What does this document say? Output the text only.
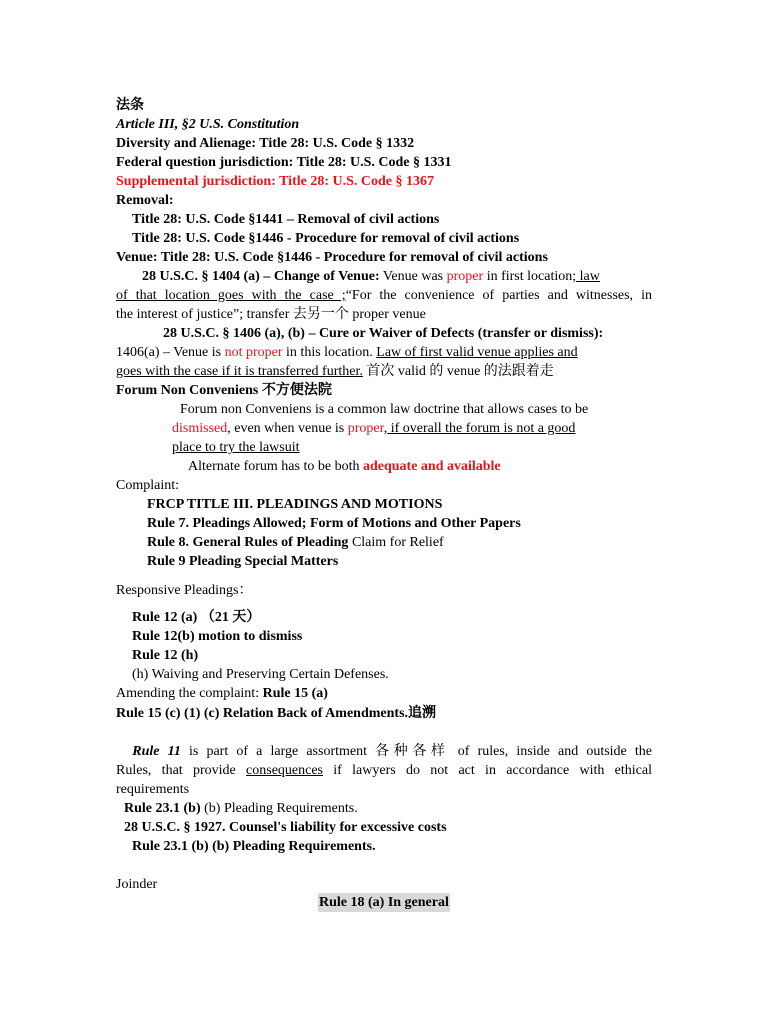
法条
Article III, §2 U.S. Constitution
Diversity and Alienage: Title 28: U.S. Code § 1332
Federal question jurisdiction: Title 28: U.S. Code § 1331
Supplemental jurisdiction: Title 28: U.S. Code § 1367
Removal:
Title 28: U.S. Code §1441 – Removal of civil actions
Title 28: U.S. Code §1446 - Procedure for removal of civil actions
Venue: Title 28: U.S. Code §1446 - Procedure for removal of civil actions
28 U.S.C. § 1404 (a) – Change of Venue: Venue was proper in first location; law
of that location goes with the case ;“For the convenience of parties and witnesses, in
the interest of justice”; transfer 去另一个 proper venue
28 U.S.C. § 1406 (a), (b) – Cure or Waiver of Defects (transfer or dismiss):
1406(a) – Venue is not proper in this location. Law of first valid venue applies and
goes with the case if it is transferred further. 首次 valid 的 venue 的法跟着走
Forum Non Conveniens 不方便法院
Forum non Conveniens is a common law doctrine that allows cases to be
dismissed, even when venue is proper, if overall the forum is not a good
place to try the lawsuit
Alternate forum has to be both adequate and available
Complaint:
FRCP TITLE III. PLEADINGS AND MOTIONS
Rule 7. Pleadings Allowed; Form of Motions and Other Papers
Rule 8. General Rules of Pleading Claim for Relief
Rule 9 Pleading Special Matters
Responsive Pleadings：
Rule 12 (a) （21 天）
Rule 12(b) motion to dismiss
Rule 12 (h)
(h) Waiving and Preserving Certain Defenses.
Amending the complaint: Rule 15 (a)
Rule 15 (c) (1) (c) Relation Back of Amendments.追溯
Rule 11 is part of a large assortment 各种各样 of rules, inside and outside the
Rules, that provide consequences if lawyers do not act in accordance with ethical
requirements
Rule 23.1 (b) (b) Pleading Requirements.
28 U.S.C. § 1927. Counsel's liability for excessive costs
Rule 23.1 (b) (b) Pleading Requirements.
Joinder
Rule 18 (a) In general
